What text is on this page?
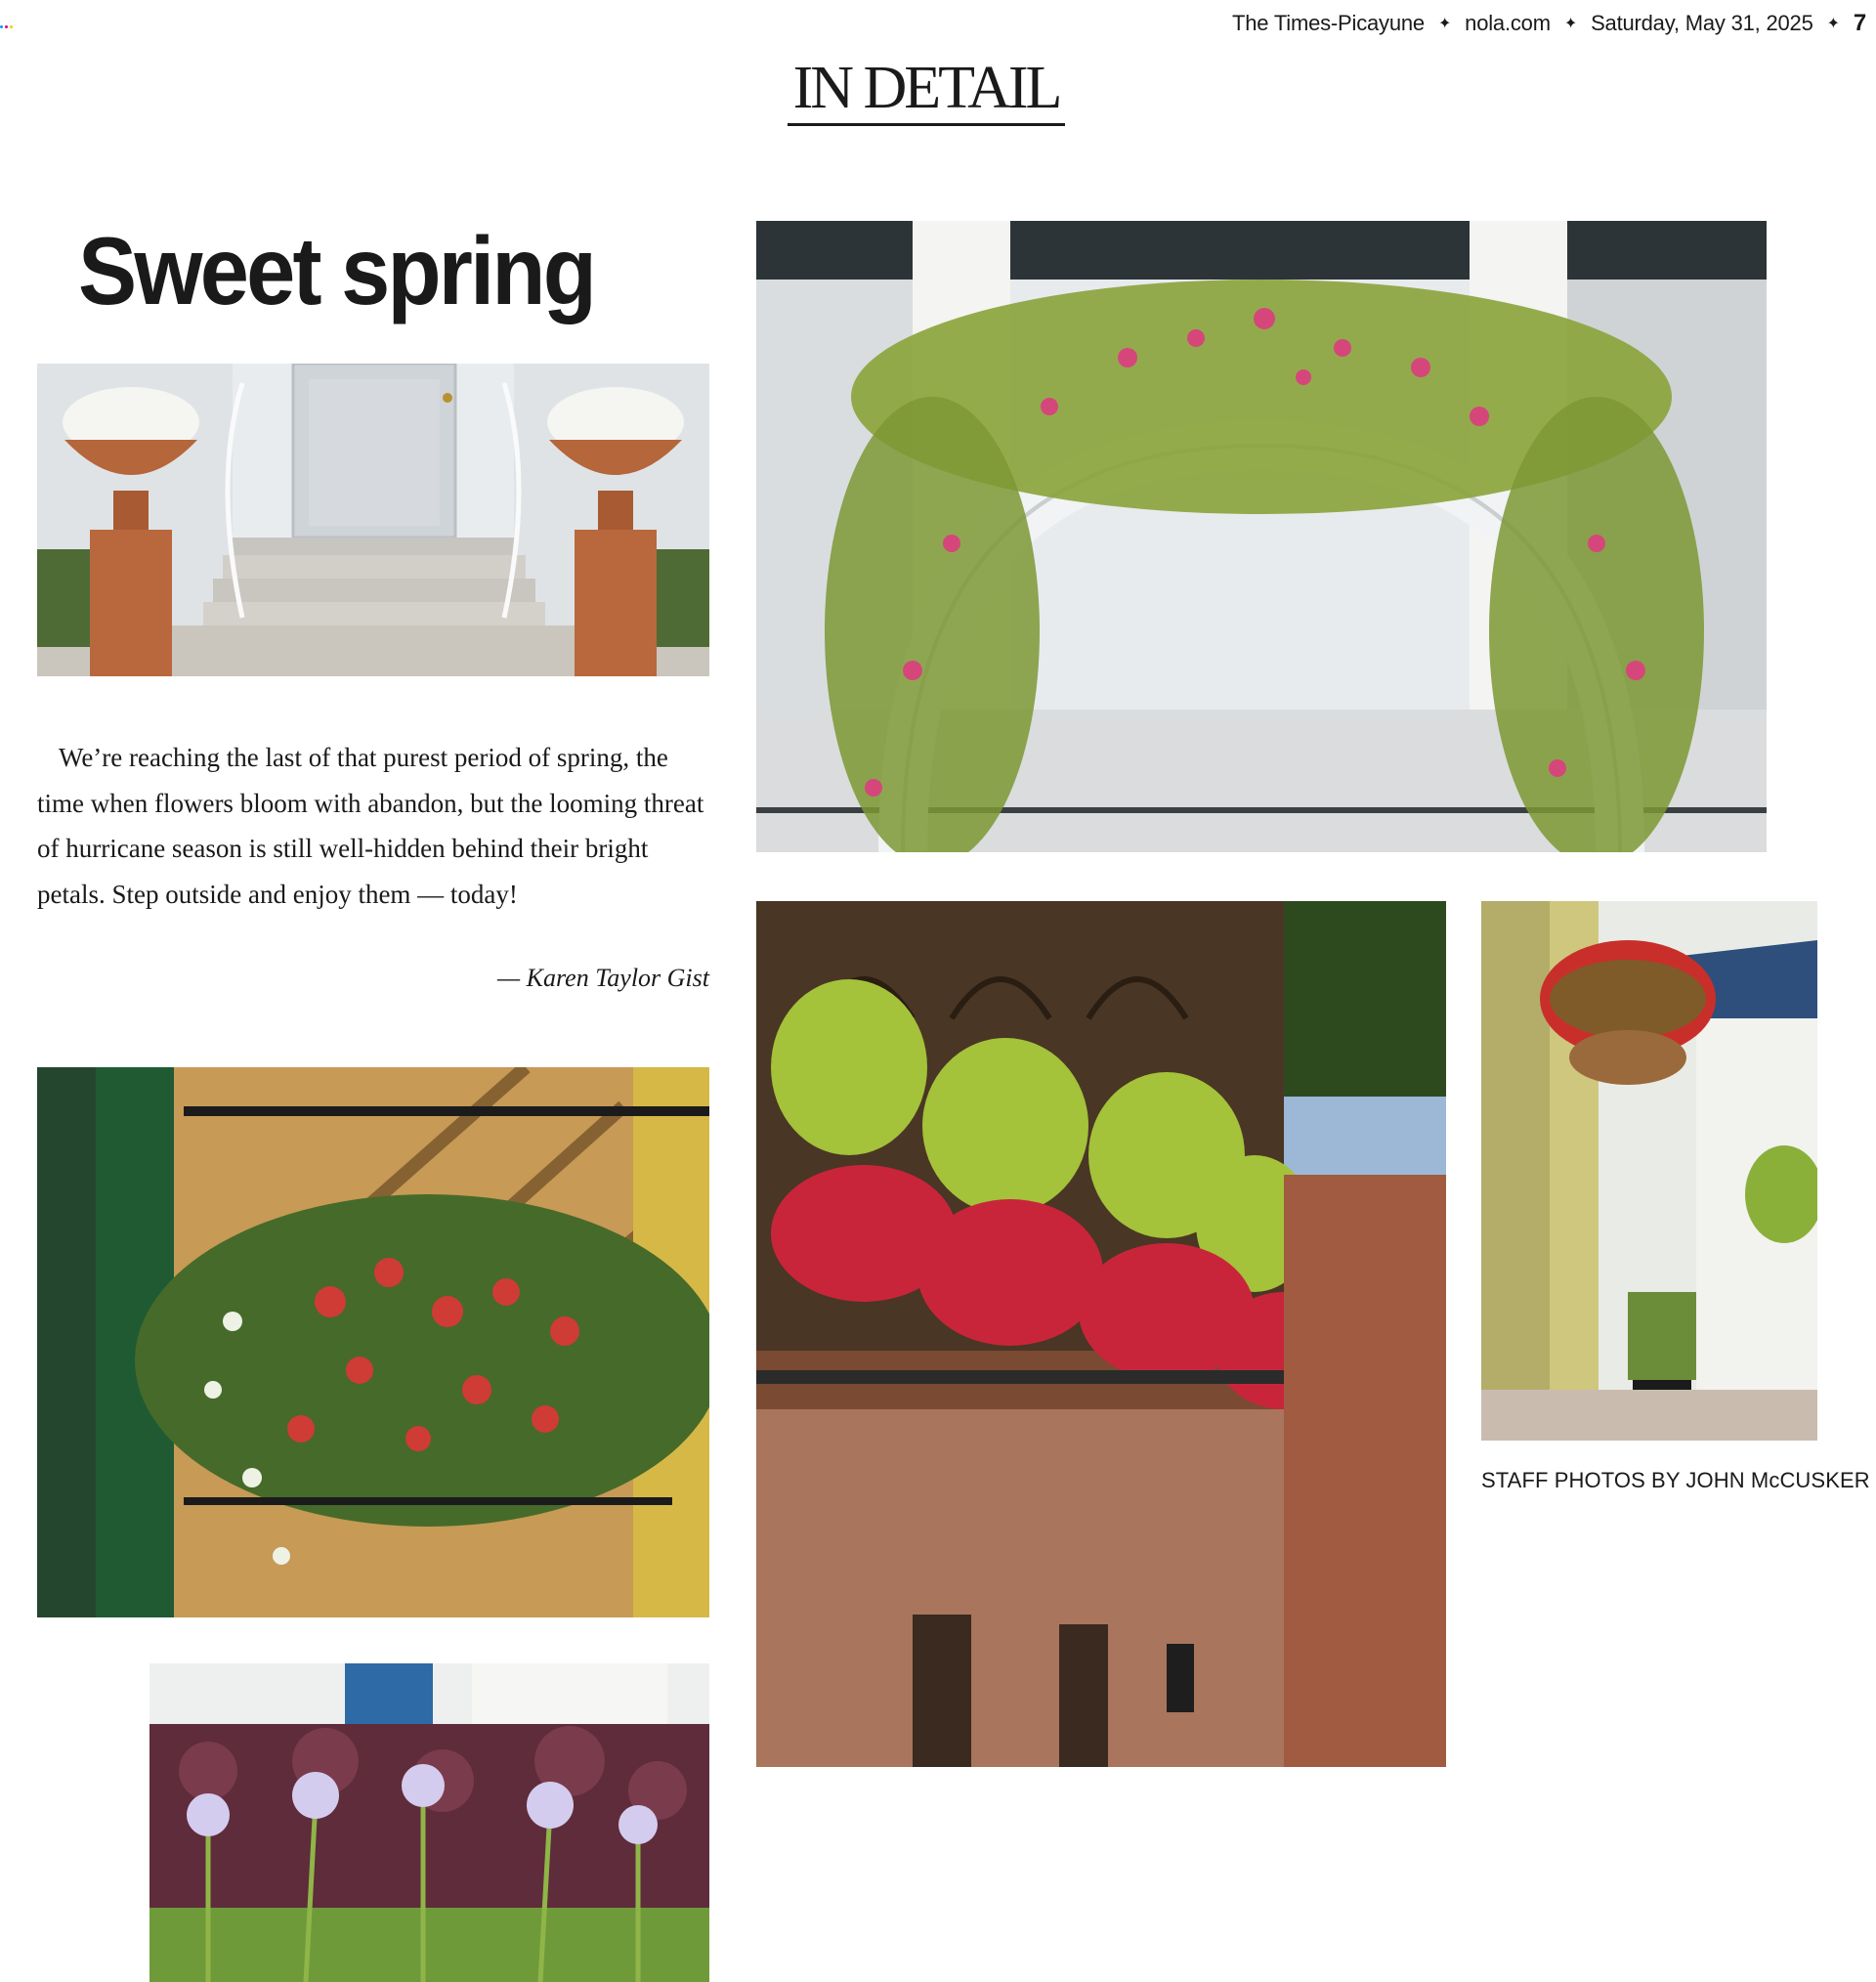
The Times-Picayune ✦ nola.com ✦ Saturday, May 31, 2025 ✦ 7
IN DETAIL
Sweet spring

We’re reaching the last of that purest period of spring, the time when flowers bloom with abandon, but the looming threat of hurricane season is still well-hidden behind their bright petals. Step outside and enjoy them — today!

— Karen Taylor Gist
STAFF PHOTOS BY JOHN McCUSKER
